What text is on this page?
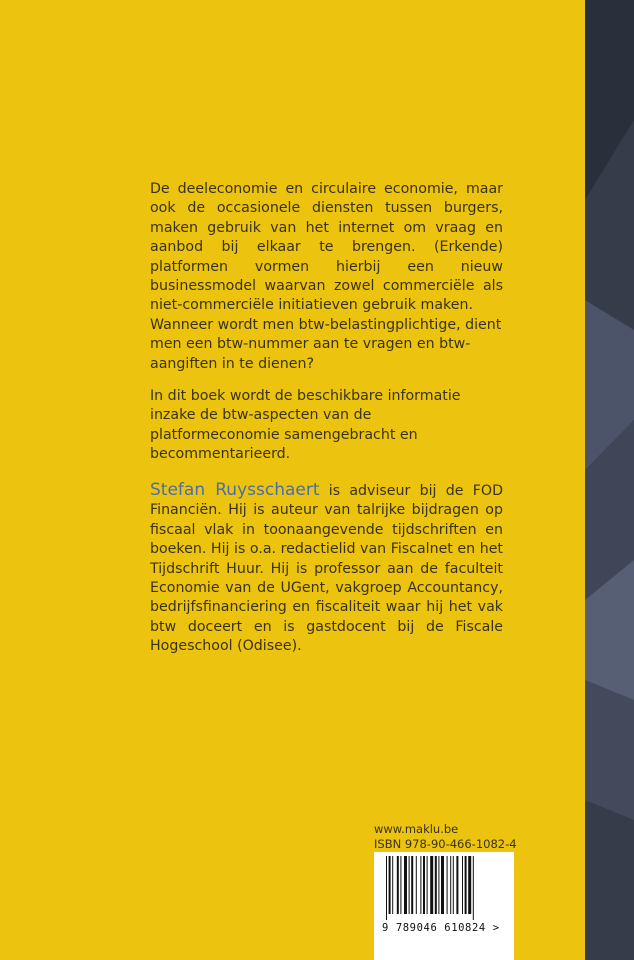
De deeleconomie en circulaire economie, maar ook de occasionele diensten tussen burgers, maken gebruik van het internet om vraag en aanbod bij elkaar te brengen. (Erkende) platformen vormen hierbij een nieuw businessmodel waarvan zowel commerciële als niet-commerciële initiatieven gebruik maken.

Wanneer wordt men btw-belastingplichtige, dient men een btw-nummer aan te vragen en btw-aangiften in te dienen?

In dit boek wordt de beschikbare informatie inzake de btw-aspecten van de platformeconomie samengebracht en becommentarieerd.

Stefan Ruysschaert is adviseur bij de FOD Financiën. Hij is auteur van talrijke bijdragen op fiscaal vlak in toonaangevende tijdschriften en boeken. Hij is o.a. redactielid van Fiscalnet en het Tijdschrift Huur. Hij is professor aan de faculteit Economie van de UGent, vakgroep Accountancy, bedrijfsfinanciering en fiscaliteit waar hij het vak btw doceert en is gastdocent bij de Fiscale Hogeschool (Odisee).

www.maklu.be
ISBN 978-90-466-1082-4
9 789046 610824 >
